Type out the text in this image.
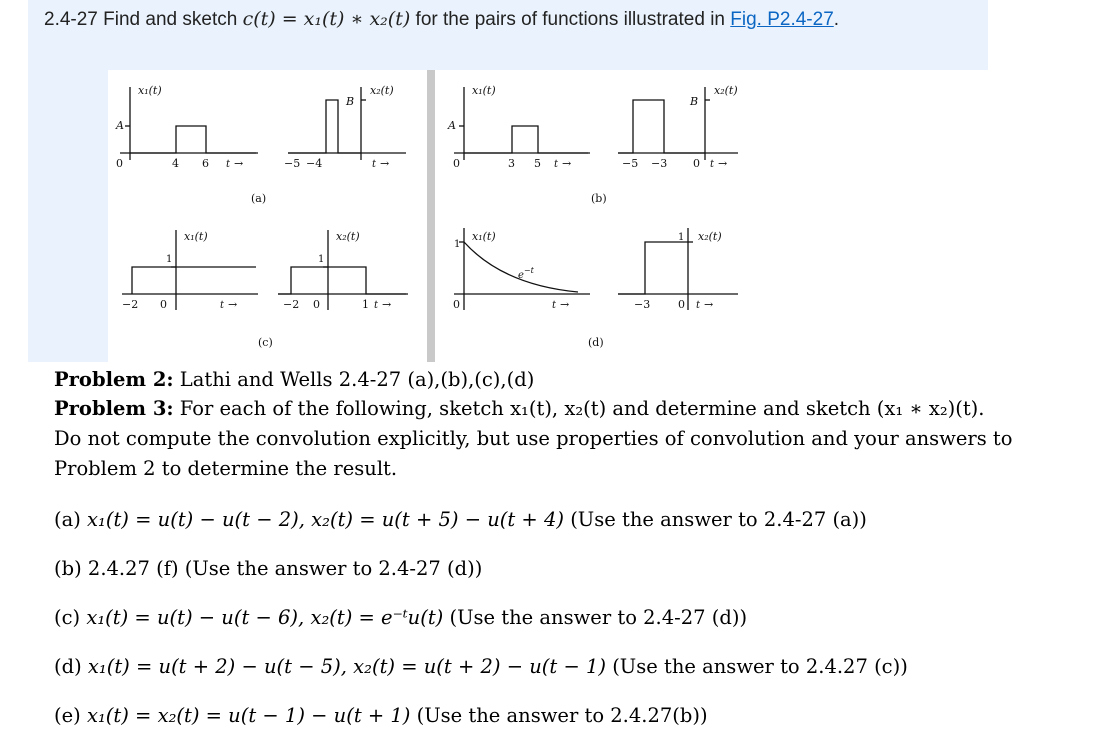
2.4-27 Find and sketch c(t) = x₁(t) ∗ x₂(t) for the pairs of functions illustrated in Fig. P2.4-27.
x₁(t)
A
0	4 6 t →
x₂(t)
B
−5 −4	t →
(a)
x₁(t)
A
0	3 5 t →
x₂(t)
B
−5 −3 0 t →
(b)
x₁(t)
1
−2 0	t →
x₂(t)
1
−2 0	1 t →
(c)
x₁(t)
1
0
$e^{-t}$
t →
x₂(t)
1
−3	0 t →
(d)
Problem 2: Lathi and Wells 2.4-27 (a),(b),(c),(d)
Problem 3: For each of the following, sketch x₁(t), x₂(t) and determine and sketch (x₁ ∗ x₂)(t).
Do not compute the convolution explicitly, but use properties of convolution and your answers to
Problem 2 to determine the result.
(a) x₁(t) = u(t) − u(t − 2), x₂(t) = u(t + 5) − u(t + 4) (Use the answer to 2.4-27 (a))
(b) 2.4.27 (f) (Use the answer to 2.4-27 (d))
(c) x₁(t) = u(t) − u(t − 6), x₂(t) = e⁻ᵗu(t) (Use the answer to 2.4-27 (d))
(d) x₁(t) = u(t + 2) − u(t − 5), x₂(t) = u(t + 2) − u(t − 1) (Use the answer to 2.4.27 (c))
(e) x₁(t) = x₂(t) = u(t − 1) − u(t + 1) (Use the answer to 2.4.27(b))
